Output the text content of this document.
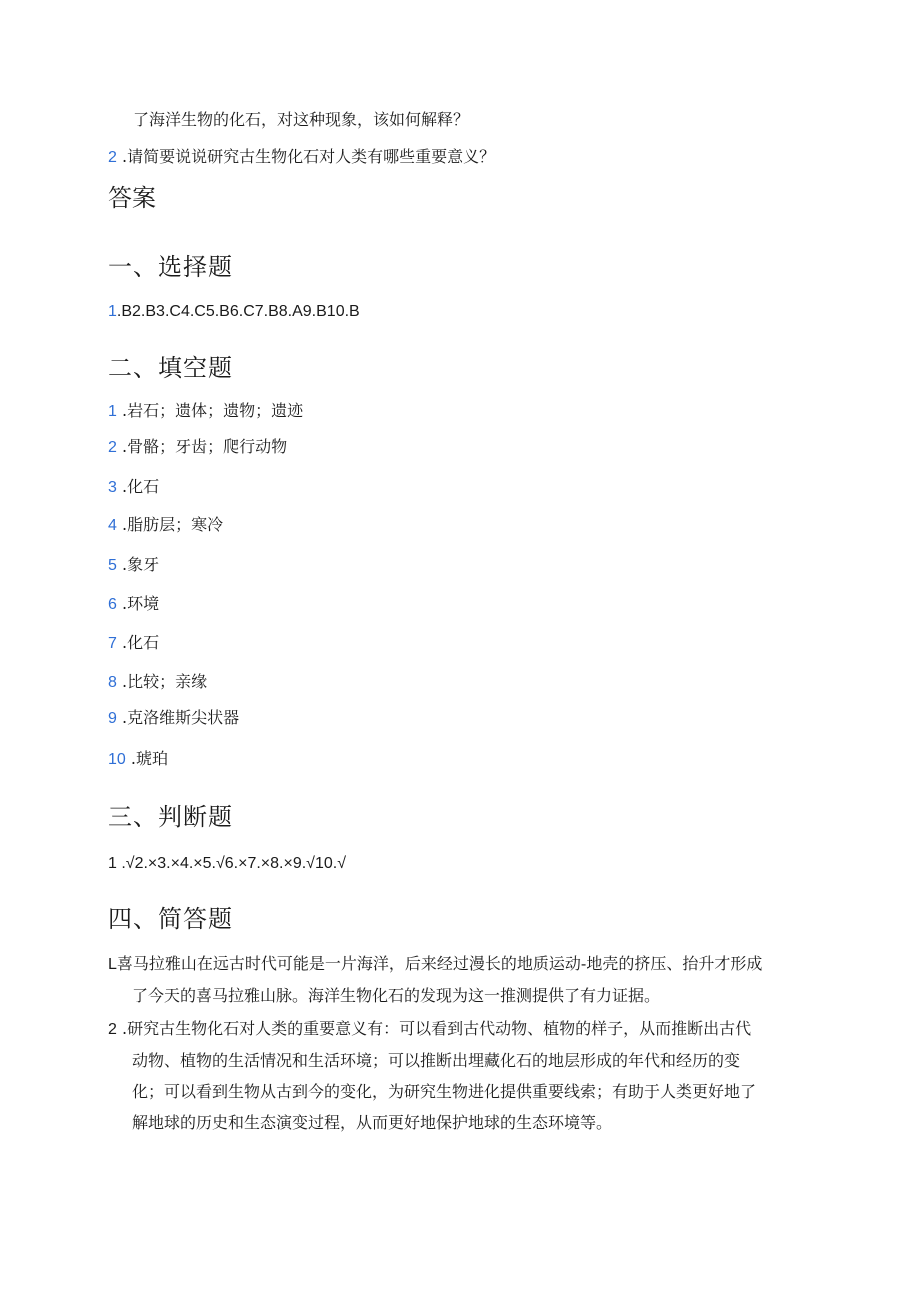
了海洋生物的化石，对这种现象，该如何解释？
2 .请简要说说研究古生物化石对人类有哪些重要意义？
答案
一、选择题
1.B2.B3.C4.C5.B6.C7.B8.A9.B10.B
二、填空题
1 .岩石；遗体；遗物；遗迹
2 .骨骼；牙齿；爬行动物
3 .化石
4 .脂肪层；寒冷
5 .象牙
6 .环境
7 .化石
8 .比较；亲缘
9 .克洛维斯尖状器
10 .琥珀
三、判断题
1 .√2.×3.×4.×5.√6.×7.×8.×9.√10.√
四、简答题
L喜马拉雅山在远古时代可能是一片海洋，后来经过漫长的地质运动-地壳的挤压、抬升才形成
了今天的喜马拉雅山脉。海洋生物化石的发现为这一推测提供了有力证据。
2 .研究古生物化石对人类的重要意义有：可以看到古代动物、植物的样子，从而推断出古代
动物、植物的生活情况和生活环境；可以推断出埋藏化石的地层形成的年代和经历的变
化；可以看到生物从古到今的变化，为研究生物进化提供重要线索；有助于人类更好地了
解地球的历史和生态演变过程，从而更好地保护地球的生态环境等。
